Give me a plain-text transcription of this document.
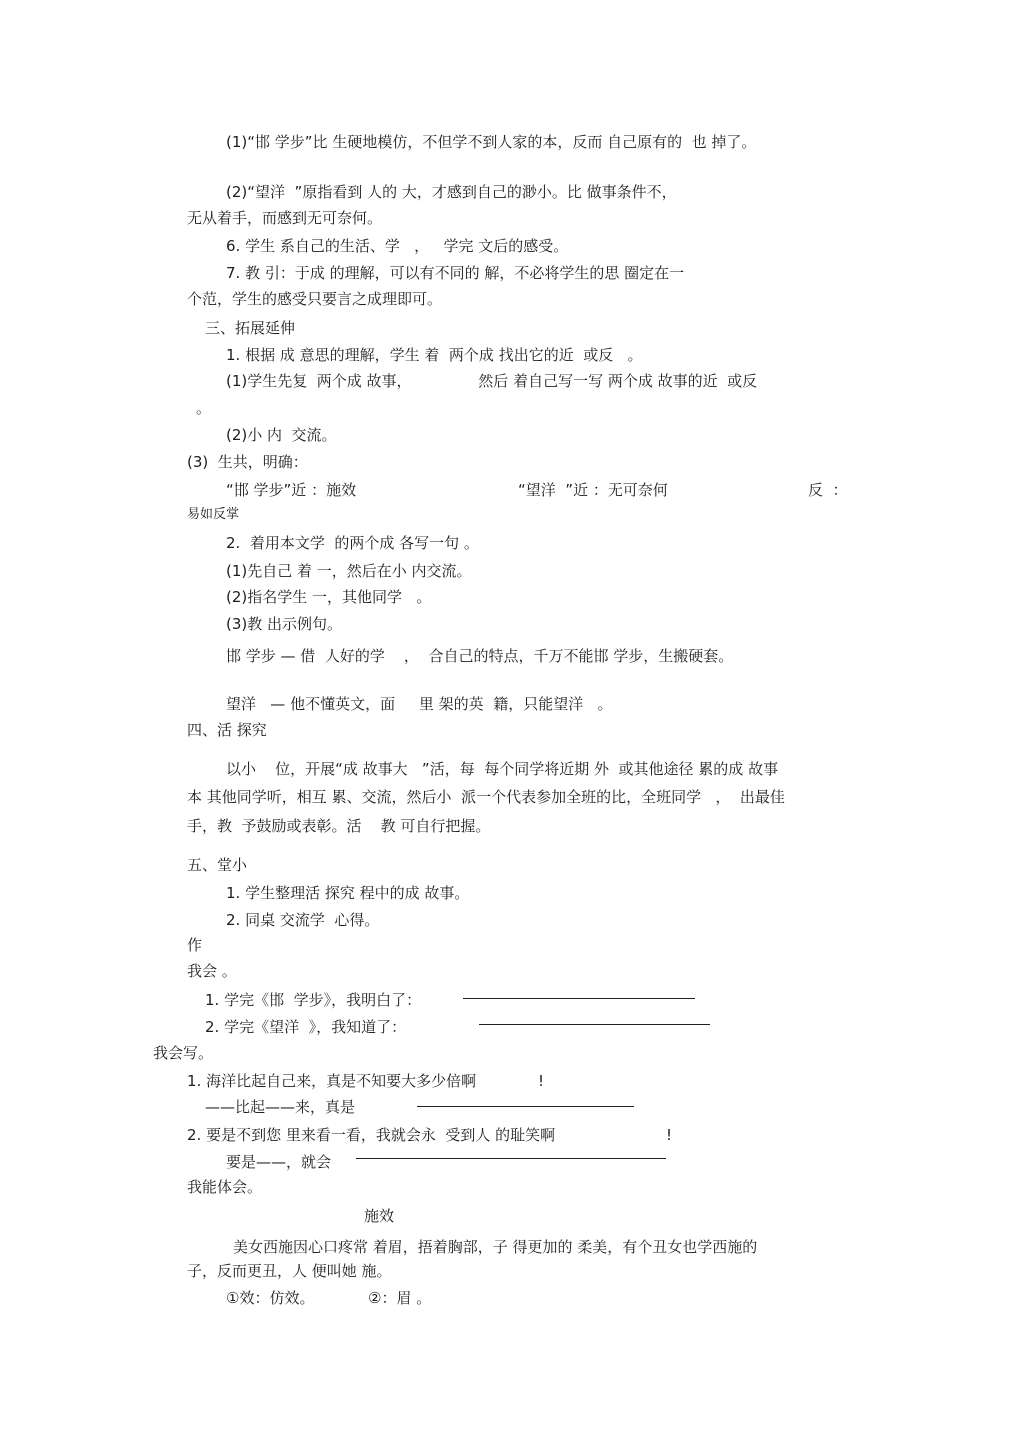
(1)“邯 学步”比 生硬地模仿，不但学不到人家的本，反而 自己原有的  也 掉了。
(2)“望洋  ”原指看到 人的 大，才感到自己的渺小。比 做事条件不，
无从着手，而感到无可奈何。
6. 学生 系自己的生活、学   ，   学完 文后的感受。
7. 教 引：于成 的理解，可以有不同的 解，不必将学生的思 圈定在一
个范，学生的感受只要言之成理即可。
三、拓展延伸
1. 根据 成 意思的理解，学生 着  两个成 找出它的近  或反   。
(1)学生先复  两个成 故事，              然后 着自己写一写 两个成 故事的近  或反
。
(2)小 内  交流。
(3)  生共，明确：
“邯 学步”近 ：施效	“望洋  ”近 ：无可奈何	反  ：
易如反掌
2.  着用本文学  的两个成 各写一句 。
(1)先自己 着 一，然后在小 内交流。
(2)指名学生 一，其他同学   。
(3)教 出示例句。
邯 学步 — 借  人好的学    ，  合自己的特点，千万不能邯 学步，生搬硬套。
望洋   — 他不懂英文，面     里 架的英  籍，只能望洋   。
四、活 探究
以小    位，开展“成 故事大   ”活，每  每个同学将近期 外  或其他途径 累的成 故事
本 其他同学听，相互 累、交流，然后小  派一个代表参加全班的比，全班同学   ，  出最佳
手，教  予鼓励或表彰。活    教 可自行把握。
五、堂小
1. 学生整理活 探究 程中的成 故事。
2. 同桌 交流学  心得。
作
我会 。
1. 学完《邯  学步》，我明白了：
2. 学完《望洋  》，我知道了：
我会写。
1. 海洋比起自己来，真是不知要大多少倍啊	!
——比起——来，真是
2. 要是不到您 里来看一看，我就会永  受到人 的耻笑啊	!
要是——，就会
我能体会。
施效
美女西施因心口疼常 着眉，捂着胸部，子 得更加的 柔美，有个丑女也学西施的
子，反而更丑，人 便叫她 施。
①效：仿效。	②：眉 。
